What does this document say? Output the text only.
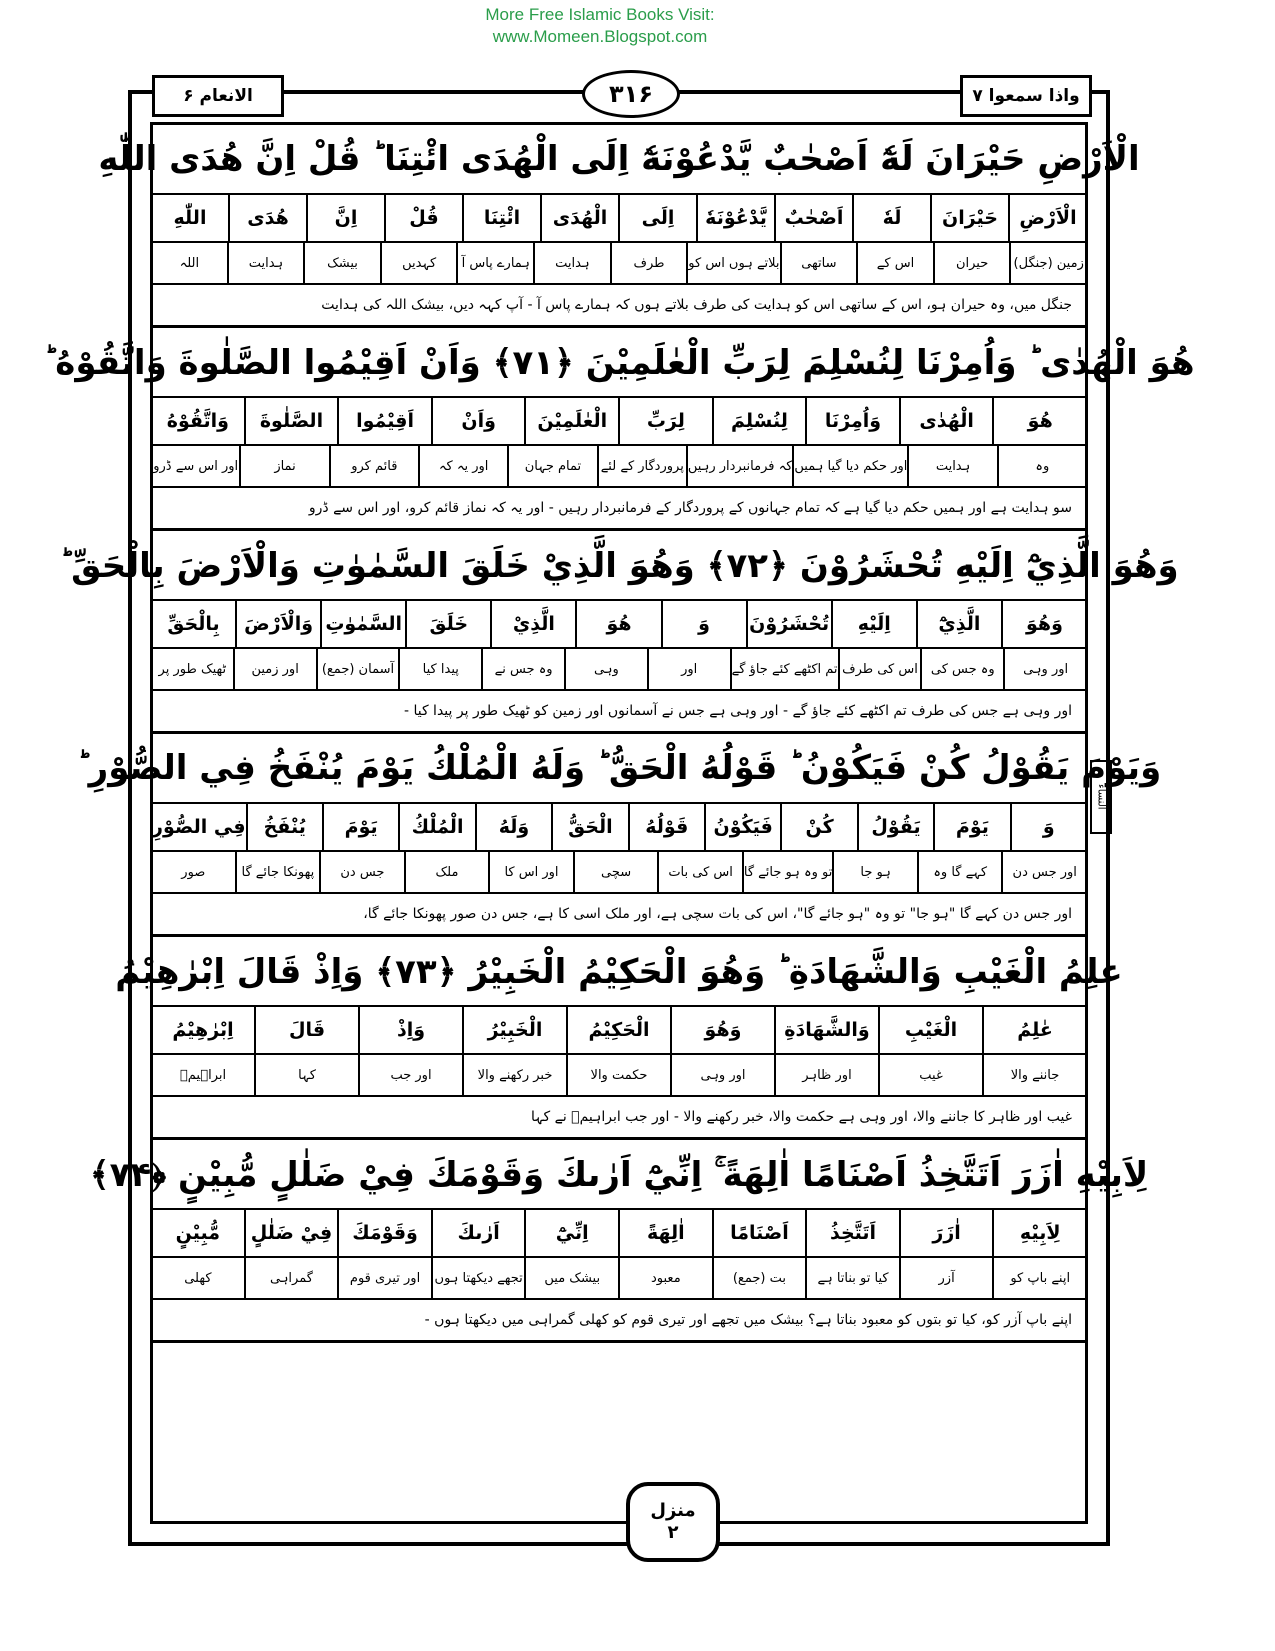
More Free Islamic Books Visit:
www.Momeen.Blogspot.com
الانعام ۶	۳۱۶	واذا سمعوا ۷
النساء
الْاَرْضِ حَيْرَانَ لَهٗٓ اَصْحٰبٌ يَّدْعُوْنَهٗٓ اِلَى الْهُدَى ائْتِنَا ؕ قُلْ اِنَّ هُدَى اللّٰهِ
الْاَرْضِ
حَيْرَانَ
لَهٗ
اَصْحٰبٌ
يَّدْعُوْنَهٗ
اِلَى
الْهُدَى
ائْتِنَا
قُلْ
اِنَّ
هُدَى
اللّٰهِ
زمین (جنگل)
حیران
اس کے
ساتھی
بلاتے ہوں اس کو
طرف
ہدایت
ہمارے پاس آ
کہدیں
بیشک
ہدایت
اللہ
جنگل میں، وہ حیران ہو، اس کے ساتھی اس کو ہدایت کی طرف بلاتے ہوں کہ ہمارے پاس آ - آپ کہہ دیں، بیشک اللہ کی ہدایت
هُوَ الْهُدٰى ؕ وَاُمِرْنَا لِنُسْلِمَ لِرَبِّ الْعٰلَمِيْنَ ﴿۷۱﴾ وَاَنْ اَقِيْمُوا الصَّلٰوةَ وَاتَّقُوْهُ ؕ
هُوَ
الْهُدٰى
وَاُمِرْنَا
لِنُسْلِمَ
لِرَبِّ
الْعٰلَمِيْنَ
وَاَنْ
اَقِيْمُوا
الصَّلٰوةَ
وَاتَّقُوْهُ
وہ
ہدایت
اور حکم دیا گیا ہمیں
کہ فرمانبردار رہیں
پروردگار کے لئے
تمام جہان
اور یہ کہ
قائم کرو
نماز
اور اس سے ڈرو
سو ہدایت ہے اور ہمیں حکم دیا گیا ہے کہ تمام جہانوں کے پروردگار کے فرمانبردار رہیں - اور یہ کہ نماز قائم کرو، اور اس سے ڈرو
وَهُوَ الَّذِيْٓ اِلَيْهِ تُحْشَرُوْنَ ﴿۷۲﴾ وَهُوَ الَّذِيْ خَلَقَ السَّمٰوٰتِ وَالْاَرْضَ بِالْحَقِّ ؕ
وَهُوَ
الَّذِيْٓ
اِلَيْهِ
تُحْشَرُوْنَ
وَ
هُوَ
الَّذِيْ
خَلَقَ
السَّمٰوٰتِ
وَالْاَرْضَ
بِالْحَقِّ
اور وہی
وہ جس کی
اس کی طرف
تم اکٹھے کئے جاؤ گے
اور
وہی
وہ جس نے
پیدا کیا
آسمان (جمع)
اور زمین
ٹھیک طور پر
اور وہی ہے جس کی طرف تم اکٹھے کئے جاؤ گے - اور وہی ہے جس نے آسمانوں اور زمین کو ٹھیک طور پر پیدا کیا -
وَيَوْمَ يَقُوْلُ كُنْ فَيَكُوْنُ ؕ قَوْلُهُ الْحَقُّ ؕ وَلَهُ الْمُلْكُ يَوْمَ يُنْفَخُ فِي الصُّوْرِ ؕ
وَ
يَوْمَ
يَقُوْلُ
كُنْ
فَيَكُوْنُ
قَوْلُهُ
الْحَقُّ
وَلَهُ
الْمُلْكُ
يَوْمَ
يُنْفَخُ
فِي الصُّوْرِ
اور جس دن
کہے گا وہ
ہو جا
تو وہ ہو جائے گا
اس کی بات
سچی
اور اس کا
ملک
جس دن
پھونکا جائے گا
صور
اور جس دن کہے گا "ہو جا" تو وہ "ہو جائے گا"، اس کی بات سچی ہے، اور ملک اسی کا ہے، جس دن صور پھونکا جائے گا،
عٰلِمُ الْغَيْبِ وَالشَّهَادَةِ ؕ وَهُوَ الْحَكِيْمُ الْخَبِيْرُ ﴿۷۳﴾ وَاِذْ قَالَ اِبْرٰهِيْمُ
عٰلِمُ
الْغَيْبِ
وَالشَّهَادَةِ
وَهُوَ
الْحَكِيْمُ
الْخَبِيْرُ
وَاِذْ
قَالَ
اِبْرٰهِيْمُ
جاننے والا
غیب
اور ظاہر
اور وہی
حکمت والا
خبر رکھنے والا
اور جب
کہا
ابراہیمؑ
غیب اور ظاہر کا جاننے والا، اور وہی ہے حکمت والا، خبر رکھنے والا - اور جب ابراہیمؑ نے کہا
لِاَبِيْهِ اٰزَرَ اَتَتَّخِذُ اَصْنَامًا اٰلِهَةً ۚ اِنِّيْٓ اَرٰىكَ وَقَوْمَكَ فِيْ ضَلٰلٍ مُّبِيْنٍ ﴿۷۴﴾
لِاَبِيْهِ
اٰزَرَ
اَتَتَّخِذُ
اَصْنَامًا
اٰلِهَةً
اِنِّيْٓ
اَرٰىكَ
وَقَوْمَكَ
فِيْ ضَلٰلٍ
مُّبِيْنٍ
اپنے باپ کو
آزر
کیا تو بناتا ہے
بت (جمع)
معبود
بیشک میں
تجھے دیکھتا ہوں
اور تیری قوم
گمراہی
کھلی
اپنے باپ آزر کو، کیا تو بتوں کو معبود بناتا ہے؟ بیشک میں تجھے اور تیری قوم کو کھلی گمراہی میں دیکھتا ہوں -
منزل
۲
